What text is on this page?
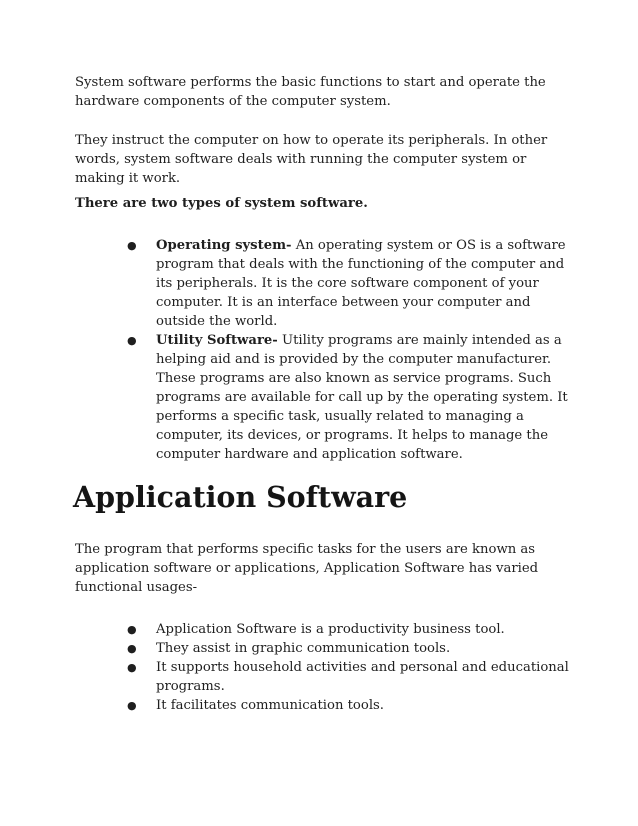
System software performs the basic functions to start and operate the hardware components of the computer system.

They instruct the computer on how to operate its peripherals. In other words, system software deals with running the computer system or making it work.

There are two types of system software.

● Operating system- An operating system or OS is a software program that deals with the functioning of the computer and its peripherals. It is the core software component of your computer. It is an interface between your computer and outside the world.
● Utility Software- Utility programs are mainly intended as a helping aid and is provided by the computer manufacturer. These programs are also known as service programs. Such programs are available for call up by the operating system. It performs a specific task, usually related to managing a computer, its devices, or programs. It helps to manage the computer hardware and application software.
Application Software

The program that performs specific tasks for the users are known as application software or applications, Application Software has varied functional usages-

● Application Software is a productivity business tool.
● They assist in graphic communication tools.
● It supports household activities and personal and educational programs.
● It facilitates communication tools.
